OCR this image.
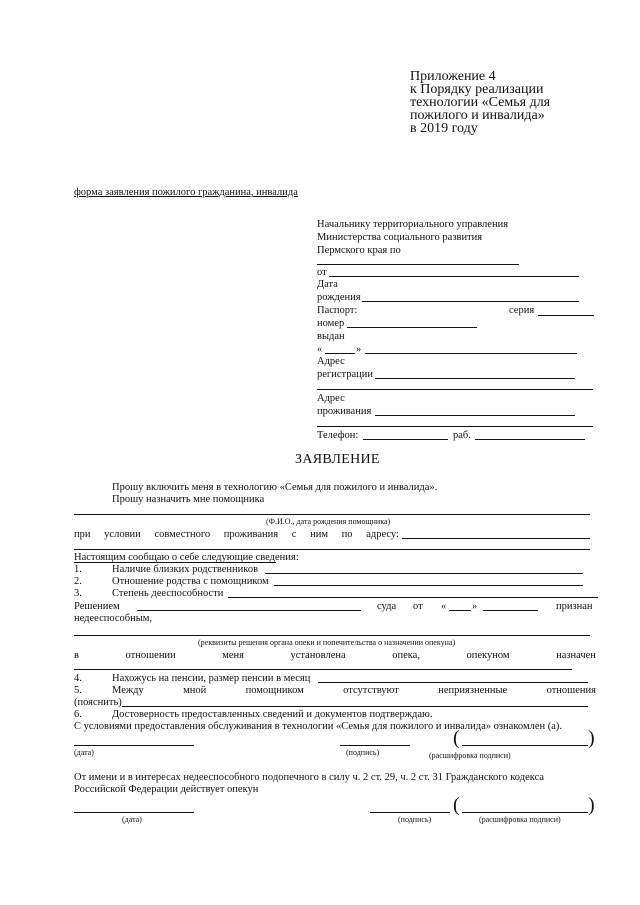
Приложение 4
к Порядку реализации
технологии «Семья для
пожилого и инвалида»
в 2019 году
форма заявления пожилого гражданина, инвалида
Начальнику территориального управления
Министерства социального развития
Пермского края по
от
Дата
рождения
Паспорт:	серия
номер
выдан
«	»
Адрес
регистрации
Адрес
проживания
Телефон:	раб.
ЗАЯВЛЕНИЕ
Прошу включить меня в технологию «Семья для пожилого и инвалида».
Прошу назначить мне помощника
(Ф.И.О., дата рождения помощника)
при условии совместного проживания с ним по адресу:
Настоящим сообщаю о себе следующие сведения:
1.	Наличие близких родственников
2.	Отношение родства с помощником
3.	Степень дееспособности
Решением	суда от « »	признан
недееспособным,
(реквизиты решения органа опеки и попечительства о назначении опекуна)
в	отношении	меня	установлена	опека,	опекуном	назначен
4.	Нахожусь на пенсии, размер пенсии в месяц
5.	Между	мной	помощником	отсутствуют	неприязненные	отношения
(пояснить)
6.	Достоверность предоставленных сведений и документов подтверждаю.
С условиями предоставления обслуживания в технологии «Семья для пожилого и инвалида» ознакомлен (а).
(дата)	(подпись)
(	)
(расшифровка подписи)
От имени и в интересах недееспособного подопечного в силу ч. 2 ст. 29, ч. 2 ст. 31 Гражданского кодекса
Российской Федерации действует опекун
(дата)	(подпись)
(	)
(расшифровка подписи)
